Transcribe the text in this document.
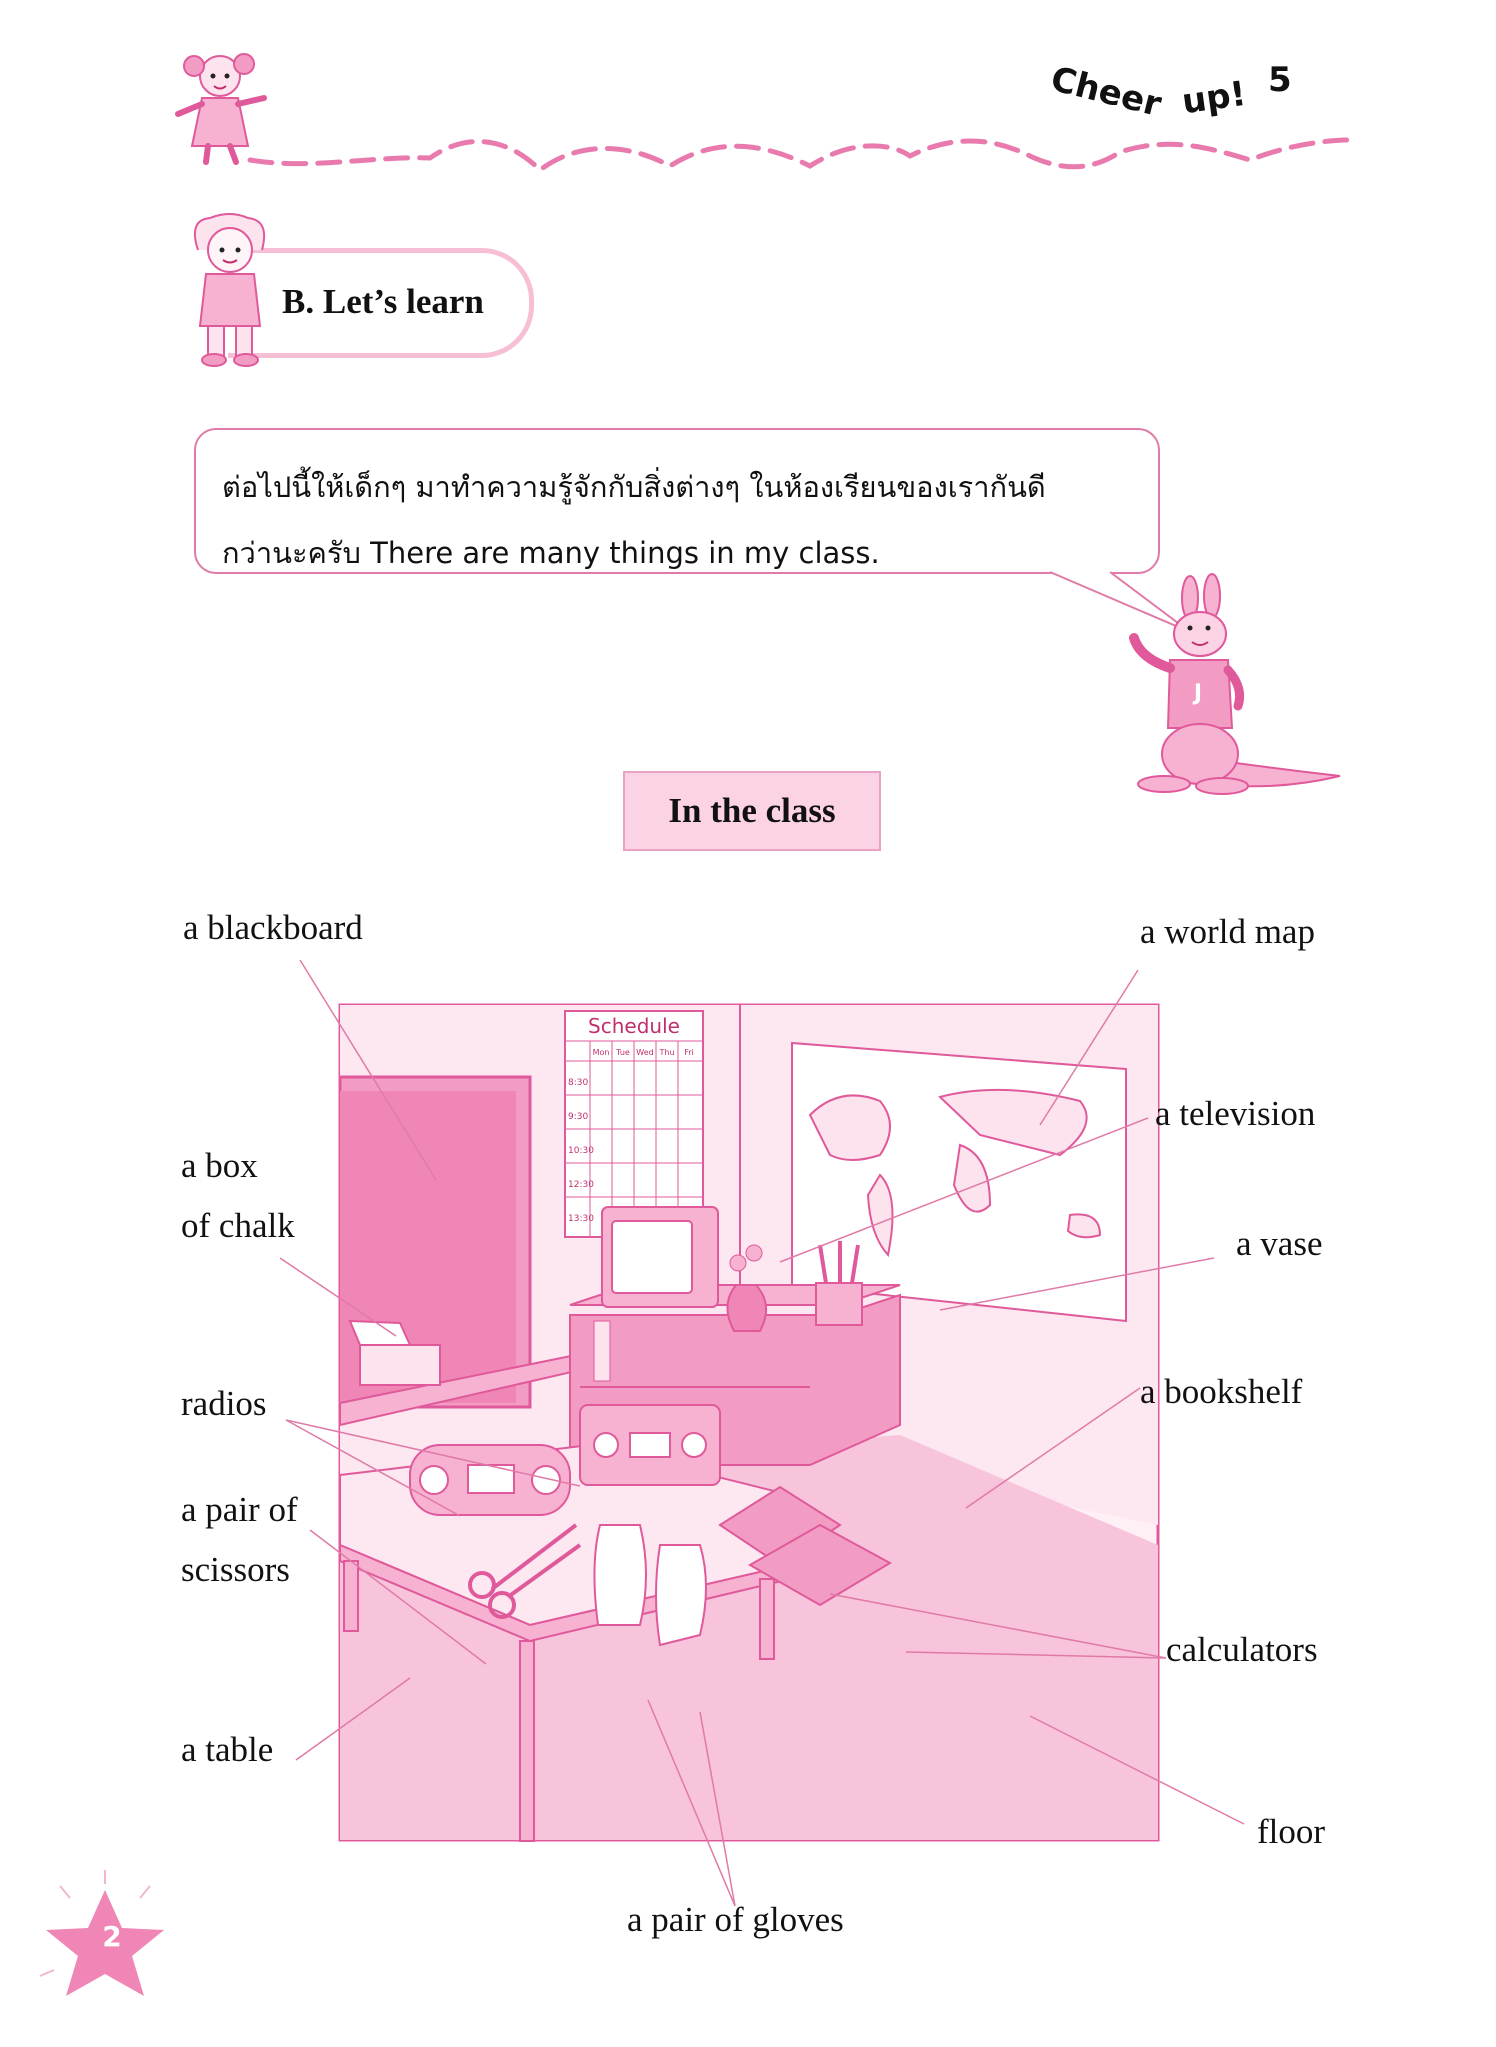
Cheer up! 5
B. Let’s learn
ต่อไปนี้ให้เด็กๆ มาทำความรู้จักกับสิ่งต่างๆ ในห้องเรียนของเรากันดี
กว่านะครับ There are many things in my class.
J
In the class
Schedule
Mon Tue Wed Thu Fri
8:30
9:30
10:30
12:30
13:30
a blackboard	a world map
a television
a box
of chalk	a vase
a bookshelf
radios
a pair of
scissors
calculators
a table
floor
a pair of gloves
2
